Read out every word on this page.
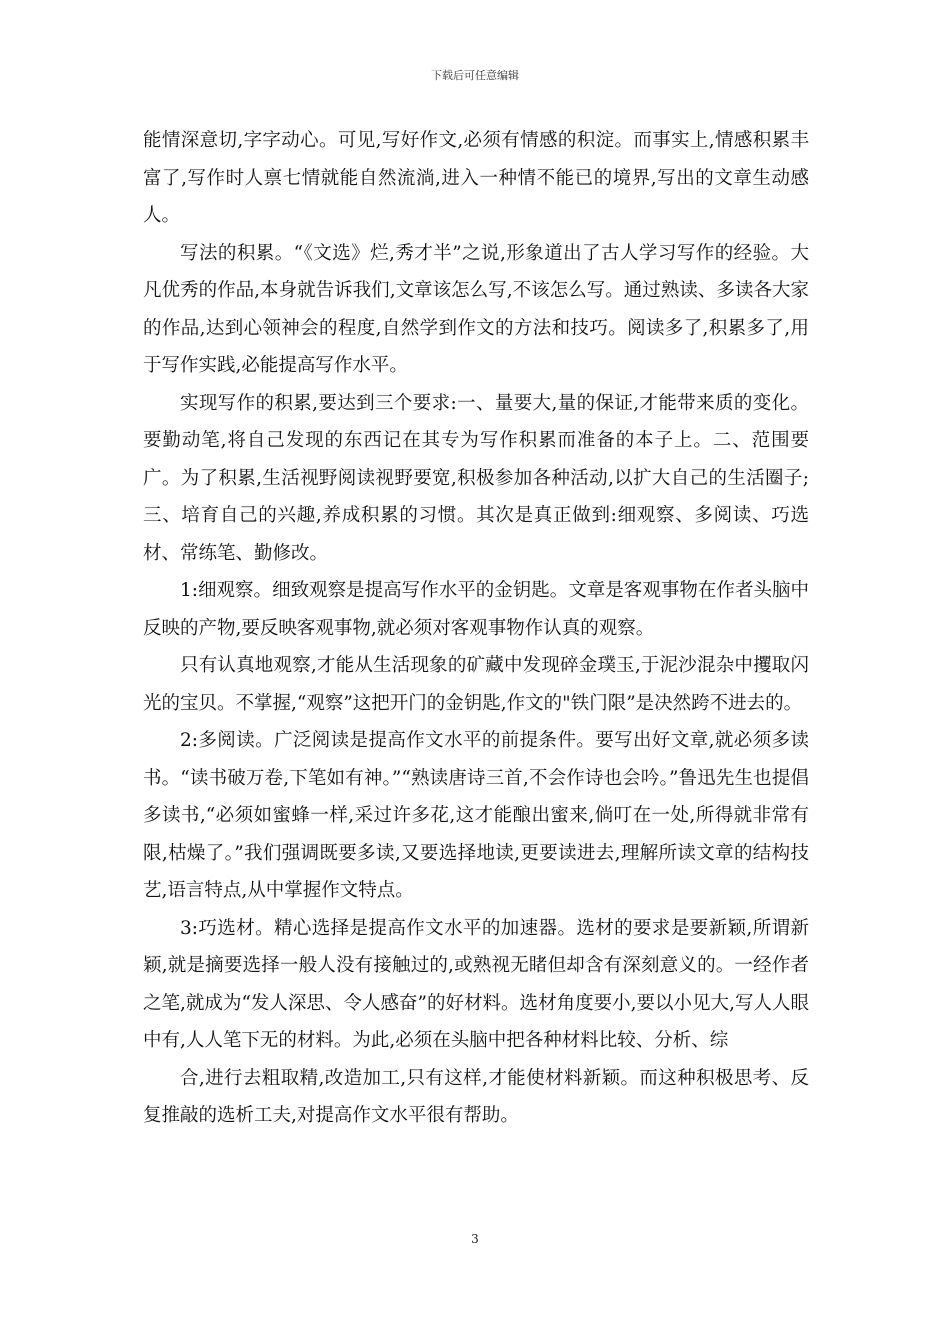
下载后可任意编辑

能情深意切,字字动心。可见,写好作文,必须有情感的积淀。而事实上,情感积累丰富了,写作时人禀七情就能自然流淌,进入一种情不能已的境界,写出的文章生动感人。

写法的积累。“《文选》烂,秀才半”之说,形象道出了古人学习写作的经验。大凡优秀的作品,本身就告诉我们,文章该怎么写,不该怎么写。通过熟读、多读各大家的作品,达到心领神会的程度,自然学到作文的方法和技巧。阅读多了,积累多了,用于写作实践,必能提高写作水平。

实现写作的积累,要达到三个要求:一、量要大,量的保证,才能带来质的变化。要勤动笔,将自己发现的东西记在其专为写作积累而准备的本子上。二、范围要广。为了积累,生活视野阅读视野要宽,积极参加各种活动,以扩大自己的生活圈子;三、培育自己的兴趣,养成积累的习惯。其次是真正做到:细观察、多阅读、巧选材、常练笔、勤修改。

1:细观察。细致观察是提高写作水平的金钥匙。文章是客观事物在作者头脑中反映的产物,要反映客观事物,就必须对客观事物作认真的观察。

只有认真地观察,才能从生活现象的矿藏中发现碎金璞玉,于泥沙混杂中攫取闪光的宝贝。不掌握,“观察”这把开门的金钥匙,作文的"铁门限”是决然跨不进去的。

2:多阅读。广泛阅读是提高作文水平的前提条件。要写出好文章,就必须多读书。“读书破万卷,下笔如有神。”“熟读唐诗三首,不会作诗也会吟。”鲁迅先生也提倡多读书,“必须如蜜蜂一样,采过许多花,这才能酿出蜜来,倘叮在一处,所得就非常有限,枯燥了。”我们强调既要多读,又要选择地读,更要读进去,理解所读文章的结构技艺,语言特点,从中掌握作文特点。

3:巧选材。精心选择是提高作文水平的加速器。选材的要求是要新颖,所谓新颖,就是摘要选择一般人没有接触过的,或熟视无睹但却含有深刻意义的。一经作者之笔,就成为“发人深思、令人感奋”的好材料。选材角度要小,要以小见大,写人人眼中有,人人笔下无的材料。为此,必须在头脑中把各种材料比较、分析、综

合,进行去粗取精,改造加工,只有这样,才能使材料新颖。而这种积极思考、反复推敲的选析工夫,对提高作文水平很有帮助。

3
